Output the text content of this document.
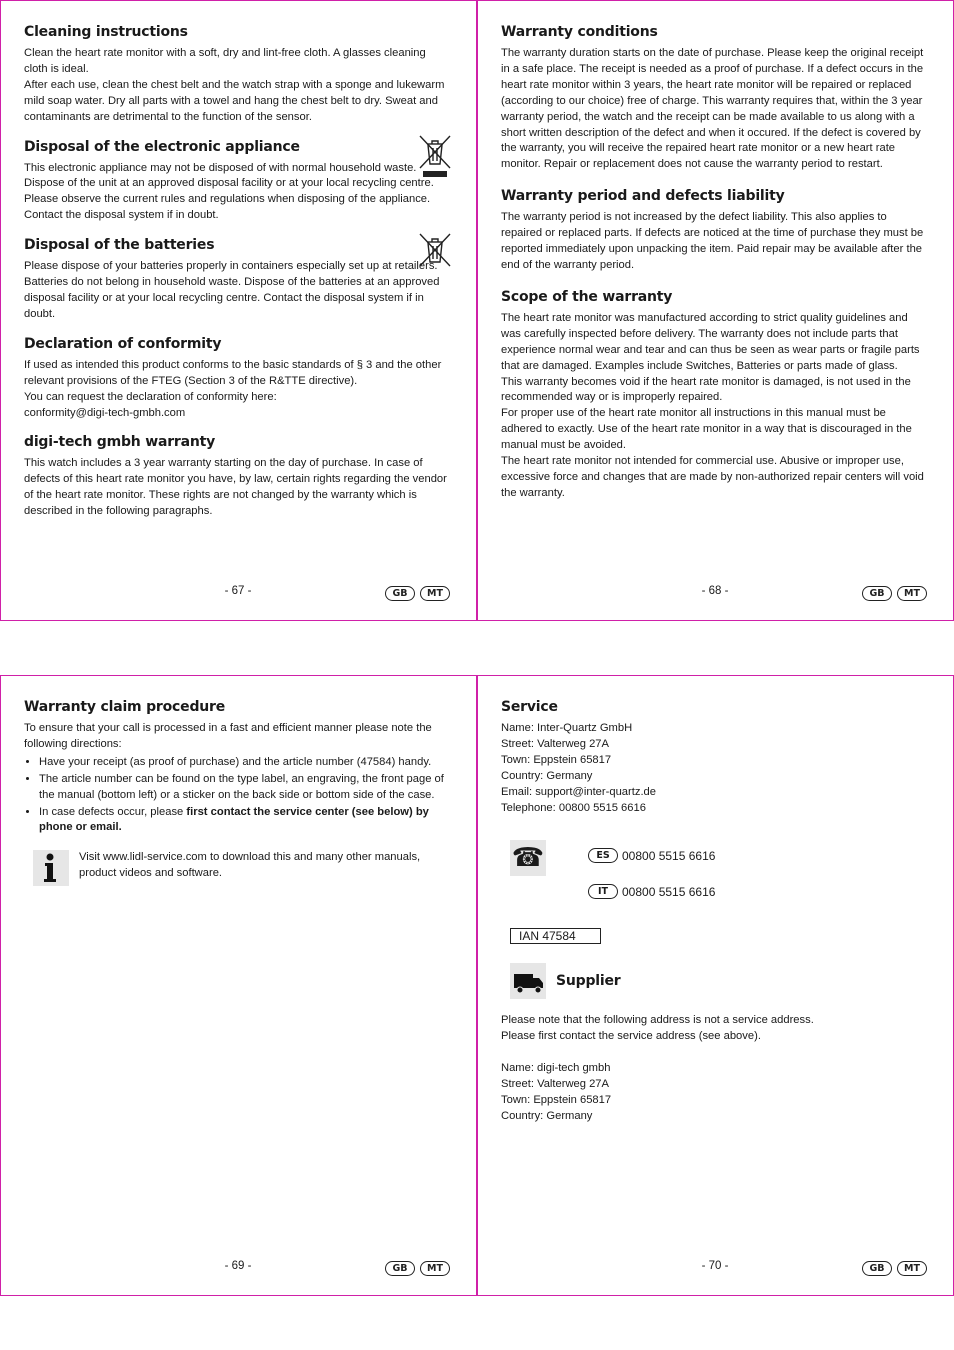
Cleaning instructions

Clean the heart rate monitor with a soft, dry and lint-free cloth. A glasses cleaning cloth is ideal.

After each use, clean the chest belt and the watch strap with a sponge and lukewarm mild soap water. Dry all parts with a towel and hang the chest belt to dry. Sweat and contaminants are detrimental to the function of the sensor.

Disposal of the electronic appliance

This electronic appliance may not be disposed of with normal household waste. Dispose of the unit at an approved disposal facility or at your local recycling centre. Please observe the current rules and regulations when disposing of the appliance. Contact the disposal system if in doubt.

Disposal of the batteries

Please dispose of your batteries properly in containers especially set up at retailers. Batteries do not belong in household waste. Dispose of the batteries at an approved disposal facility or at your local recycling centre. Contact the disposal system if in doubt.

Declaration of conformity

If used as intended this product conforms to the basic standards of § 3 and the other relevant provisions of the FTEG (Section 3 of the R&TTE directive).

You can request the declaration of conformity here:

conformity@digi-tech-gmbh.com

digi-tech gmbh warranty

This watch includes a 3 year warranty starting on the day of purchase. In case of defects of this heart rate monitor you have, by law, certain rights regarding the vendor of the heart rate monitor. These rights are not changed by the warranty which is described in the following paragraphs.

- 67 -	GB	MT
Warranty conditions

The warranty duration starts on the date of purchase. Please keep the original receipt in a safe place. The receipt is needed as a proof of purchase. If a defect occurs in the heart rate monitor within 3 years, the heart rate monitor will be repaired or replaced (according to our choice) free of charge. This warranty requires that, within the 3 year warranty period, the watch and the receipt can be made available to us along with a short written description of the defect and when it occured. If the defect is covered by the warranty, you will receive the repaired heart rate monitor or a new heart rate monitor. Repair or replacement does not cause the warranty period to restart.

Warranty period and defects liability

The warranty period is not increased by the defect liability. This also applies to repaired or replaced parts. If defects are noticed at the time of purchase they must be reported immediately upon unpacking the item. Paid repair may be available after the end of the warranty period.

Scope of the warranty

The heart rate monitor was manufactured according to strict quality guidelines and was carefully inspected before delivery. The warranty does not include parts that experience normal wear and tear and can thus be seen as wear parts or fragile parts that are damaged. Examples include Switches, Batteries or parts made of glass.

This warranty becomes void if the heart rate monitor is damaged, is not used in the recommended way or is improperly repaired.

For proper use of the heart rate monitor all instructions in this manual must be adhered to exactly. Use of the heart rate monitor in a way that is discouraged in the manual must be avoided.

The heart rate monitor not intended for commercial use. Abusive or improper use, excessive force and changes that are made by non-authorized repair centers will void the warranty.

- 68 -	GB	MT
Warranty claim procedure

To ensure that your call is processed in a fast and efficient manner please note the following directions:

• Have your receipt (as proof of purchase) and the article number (47584) handy.
• The article number can be found on the type label, an engraving, the front page of the manual (bottom left) or a sticker on the back side or bottom side of the case.
• In case defects occur, please first contact the service center (see below) by phone or email.

Visit www.lidl-service.com to download this and many other manuals, product videos and software.

- 69 -	GB	MT
Service

Name: Inter-Quartz GmbH

Street: Valterweg 27A

Town: Eppstein 65817

Country: Germany

Email: support@inter-quartz.de

Telephone: 00800 5515 6616

☎	ES	00800 5515 6616
IT	00800 5515 6616
IAN 47584
Supplier

Please note that the following address is not a service address.

Please first contact the service address (see above).

Name: digi-tech gmbh

Street: Valterweg 27A

Town: Eppstein 65817

Country: Germany

- 70 -	GB	MT
